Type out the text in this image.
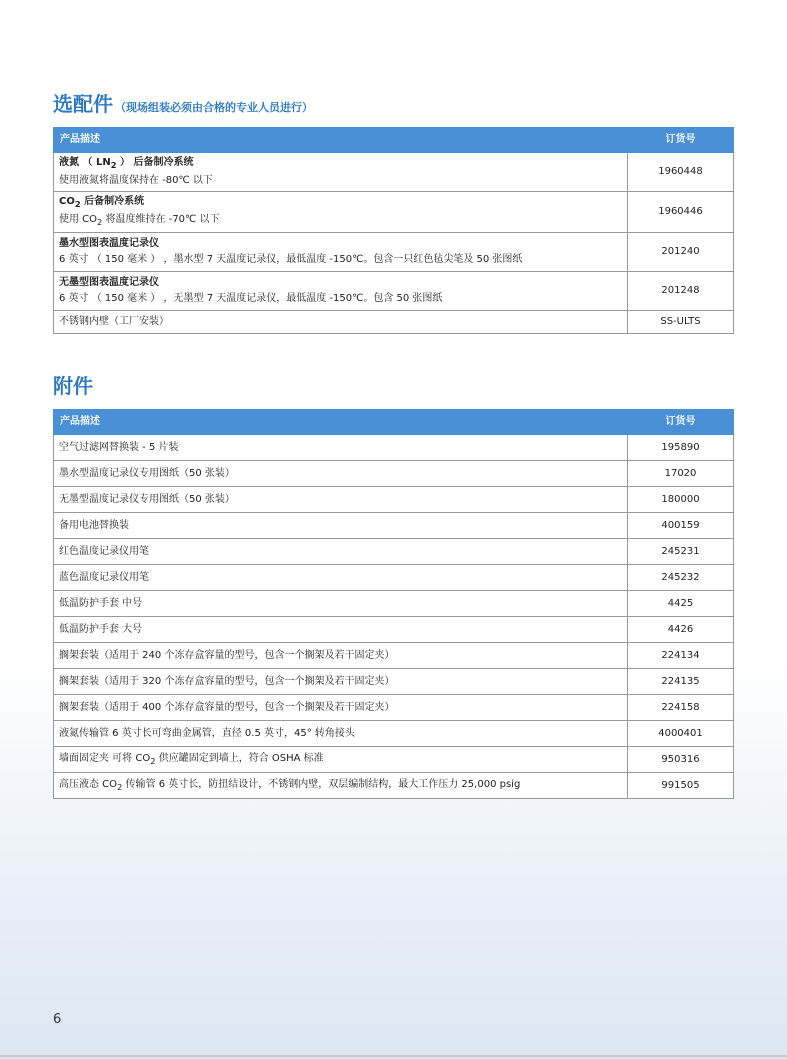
选配件 （现场组装必须由合格的专业人员进行）
产品描述	订货号

液氮 （ $LN_2$ ） 后备制冷系统
使用液氮将温度保持在 -80℃ 以下	1960448

$CO_2$ 后备制冷系统
使用 $CO_2$ 将温度维持在 -70℃ 以下	1960446

墨水型图表温度记录仪
6 英寸 （ 150 毫米 ） ，墨水型 7 天温度记录仪，最低温度 -150℃。包含一只红色毡尖笔及 50 张图纸	201240

无墨型图表温度记录仪
6 英寸 （ 150 毫米 ） ，无墨型 7 天温度记录仪，最低温度 -150℃。包含 50 张图纸	201248
不锈钢内壁（工厂安装）	SS-ULTS
附件
产品描述	订货号
空气过滤网替换装 - 5 片装	195890
墨水型温度记录仪专用图纸（50 张装）	17020
无墨型温度记录仪专用图纸（50 张装）	180000
备用电池替换装	400159
红色温度记录仪用笔	245231
蓝色温度记录仪用笔	245232
低温防护手套 中号	4425
低温防护手套 大号	4426
搁架套装（适用于 240 个冻存盒容量的型号，包含一个搁架及若干固定夹）	224134
搁架套装（适用于 320 个冻存盒容量的型号，包含一个搁架及若干固定夹）	224135
搁架套装（适用于 400 个冻存盒容量的型号，包含一个搁架及若干固定夹）	224158
液氮传输管 6 英寸长可弯曲金属管，直径 0.5 英寸，45° 转角接头	4000401
墙面固定夹 可将 $CO_2$ 供应罐固定到墙上，符合 OSHA 标准	950316
高压液态 $CO_2$ 传输管 6 英寸长，防扭结设计，不锈钢内壁，双层编制结构，最大工作压力 25,000 psig	991505
6
